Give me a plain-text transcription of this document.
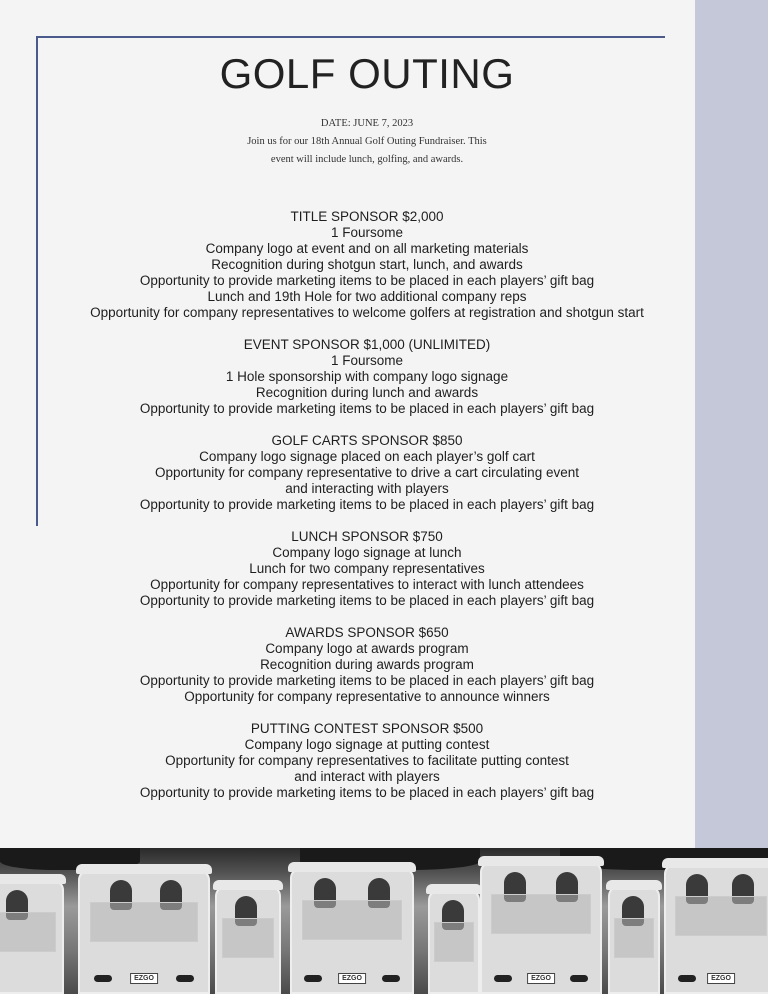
GOLF OUTING
DATE: JUNE 7, 2023
Join us for our 18th Annual Golf Outing Fundraiser. This
event will include lunch, golfing, and awards.
TITLE SPONSOR $2,000
1 Foursome
Company logo at event and on all marketing materials
Recognition during shotgun start, lunch, and awards
Opportunity to provide marketing items to be placed in each players’ gift bag
Lunch and 19th Hole for two additional company reps
Opportunity for company representatives to welcome golfers at registration and shotgun start
EVENT SPONSOR $1,000 (UNLIMITED)
1 Foursome
1 Hole sponsorship with company logo signage
Recognition during lunch and awards
Opportunity to provide marketing items to be placed in each players’ gift bag
GOLF CARTS SPONSOR $850
Company logo signage placed on each player’s golf cart
Opportunity for company representative to drive a cart circulating event
and interacting with players
Opportunity to provide marketing items to be placed in each players’ gift bag
LUNCH SPONSOR $750
Company logo signage at lunch
Lunch for two company representatives
Opportunity for company representatives to interact with lunch attendees
Opportunity to provide marketing items to be placed in each players’ gift bag
AWARDS SPONSOR $650
Company logo at awards program
Recognition during awards program
Opportunity to provide marketing items to be placed in each players’ gift bag
Opportunity for company representative to announce winners
PUTTING CONTEST SPONSOR $500
Company logo signage at putting contest
Opportunity for company representatives to facilitate putting contest
and interact with players
Opportunity to provide marketing items to be placed in each players’ gift bag
EZGO	EZGO	EZGO	EZGO
